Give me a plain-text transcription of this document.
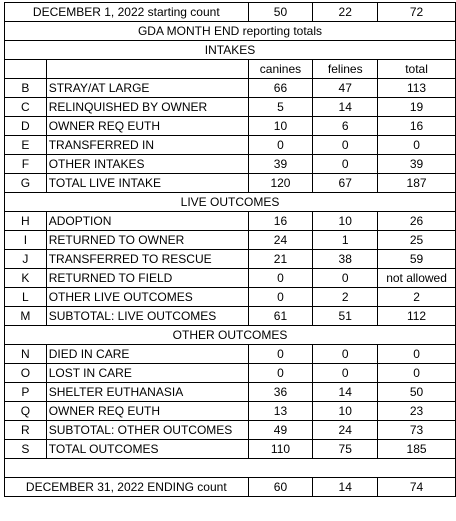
DECEMBER 1, 2022 starting count		50	22	72
GDA MONTH END reporting totals				
INTAKES				
		canines	felines	total
B	STRAY/AT LARGE	66	47	113
C	RELINQUISHED BY OWNER	5	14	19
D	OWNER REQ EUTH	10	6	16
E	TRANSFERRED IN	0	0	0
F	OTHER INTAKES	39	0	39
G	TOTAL LIVE INTAKE	120	67	187
LIVE OUTCOMES				
H	ADOPTION	16	10	26
I	RETURNED TO OWNER	24	1	25
J	TRANSFERRED TO RESCUE	21	38	59
K	RETURNED TO FIELD	0	0	not allowed
L	OTHER LIVE OUTCOMES	0	2	2
M	SUBTOTAL: LIVE OUTCOMES	61	51	112
OTHER OUTCOMES				
N	DIED IN CARE	0	0	0
O	LOST IN CARE	0	0	0
P	SHELTER EUTHANASIA	36	14	50
Q	OWNER REQ EUTH	13	10	23
R	SUBTOTAL: OTHER OUTCOMES	49	24	73
S	TOTAL OUTCOMES	110	75	185

DECEMBER 31, 2022 ENDING count		60	14	74
